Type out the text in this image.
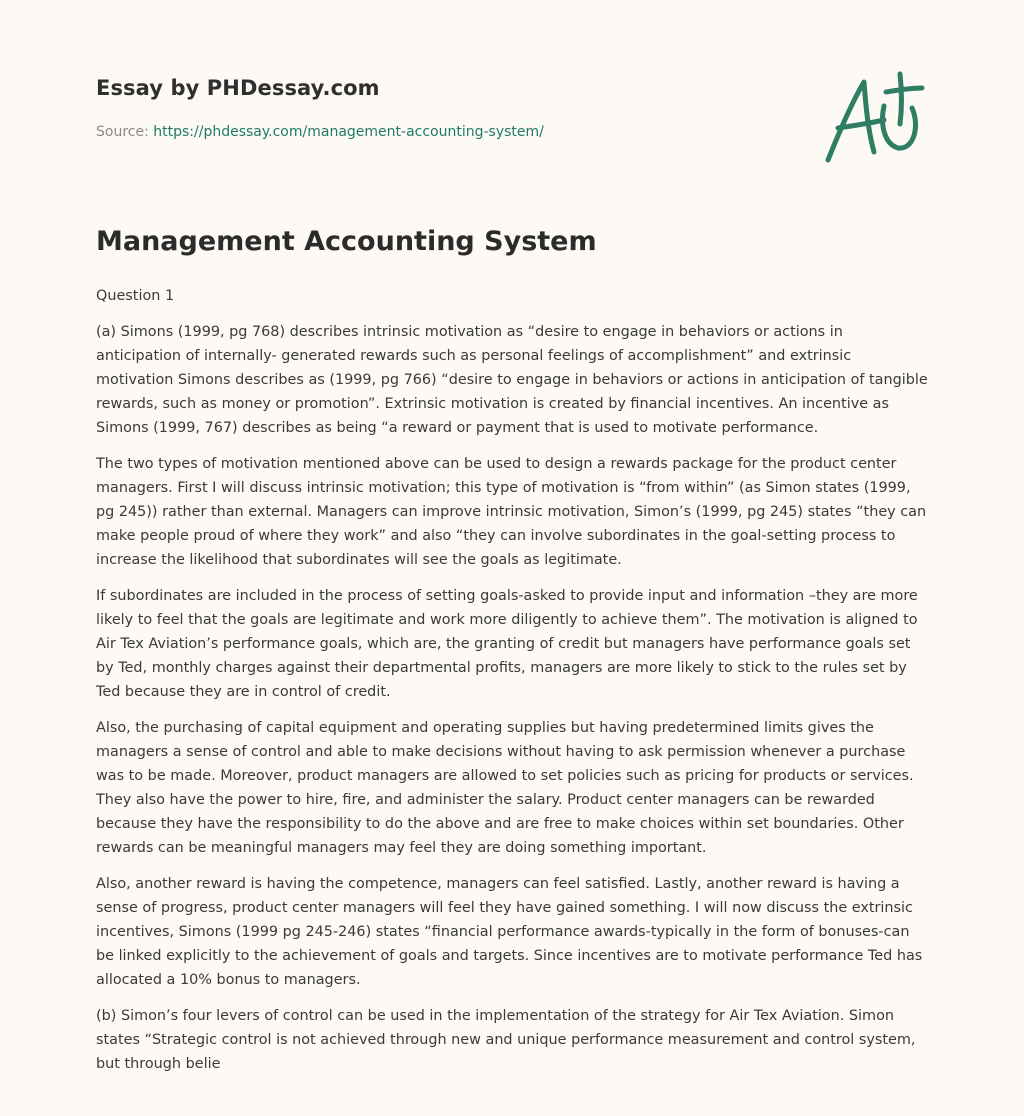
Essay by PHDessay.com
Source: https://phdessay.com/management-accounting-system/
Management Accounting System

Question 1

(a) Simons (1999, pg 768) describes intrinsic motivation as “desire to engage in behaviors or actions in anticipation of internally- generated rewards such as personal feelings of accomplishment” and extrinsic motivation Simons describes as (1999, pg 766) “desire to engage in behaviors or actions in anticipation of tangible rewards, such as money or promotion”. Extrinsic motivation is created by financial incentives. An incentive as Simons (1999, 767) describes as being “a reward or payment that is used to motivate performance.

The two types of motivation mentioned above can be used to design a rewards package for the product center managers. First I will discuss intrinsic motivation; this type of motivation is “from within” (as Simon states (1999, pg 245)) rather than external. Managers can improve intrinsic motivation, Simon’s (1999, pg 245) states “they can make people proud of where they work” and also “they can involve subordinates in the goal-setting process to increase the likelihood that subordinates will see the goals as legitimate.

If subordinates are included in the process of setting goals-asked to provide input and information –they are more likely to feel that the goals are legitimate and work more diligently to achieve them”. The motivation is aligned to Air Tex Aviation’s performance goals, which are, the granting of credit but managers have performance goals set by Ted, monthly charges against their departmental profits, managers are more likely to stick to the rules set by Ted because they are in control of credit.

Also, the purchasing of capital equipment and operating supplies but having predetermined limits gives the managers a sense of control and able to make decisions without having to ask permission whenever a purchase was to be made. Moreover, product managers are allowed to set policies such as pricing for products or services. They also have the power to hire, fire, and administer the salary. Product center managers can be rewarded because they have the responsibility to do the above and are free to make choices within set boundaries. Other rewards can be meaningful managers may feel they are doing something important.

Also, another reward is having the competence, managers can feel satisfied. Lastly, another reward is having a sense of progress, product center managers will feel they have gained something. I will now discuss the extrinsic incentives, Simons (1999 pg 245-246) states “financial performance awards-typically in the form of bonuses-can be linked explicitly to the achievement of goals and targets. Since incentives are to motivate performance Ted has allocated a 10% bonus to managers.

(b) Simon’s four levers of control can be used in the implementation of the strategy for Air Tex Aviation. Simon states “Strategic control is not achieved through new and unique performance measurement and control system, but through belie
